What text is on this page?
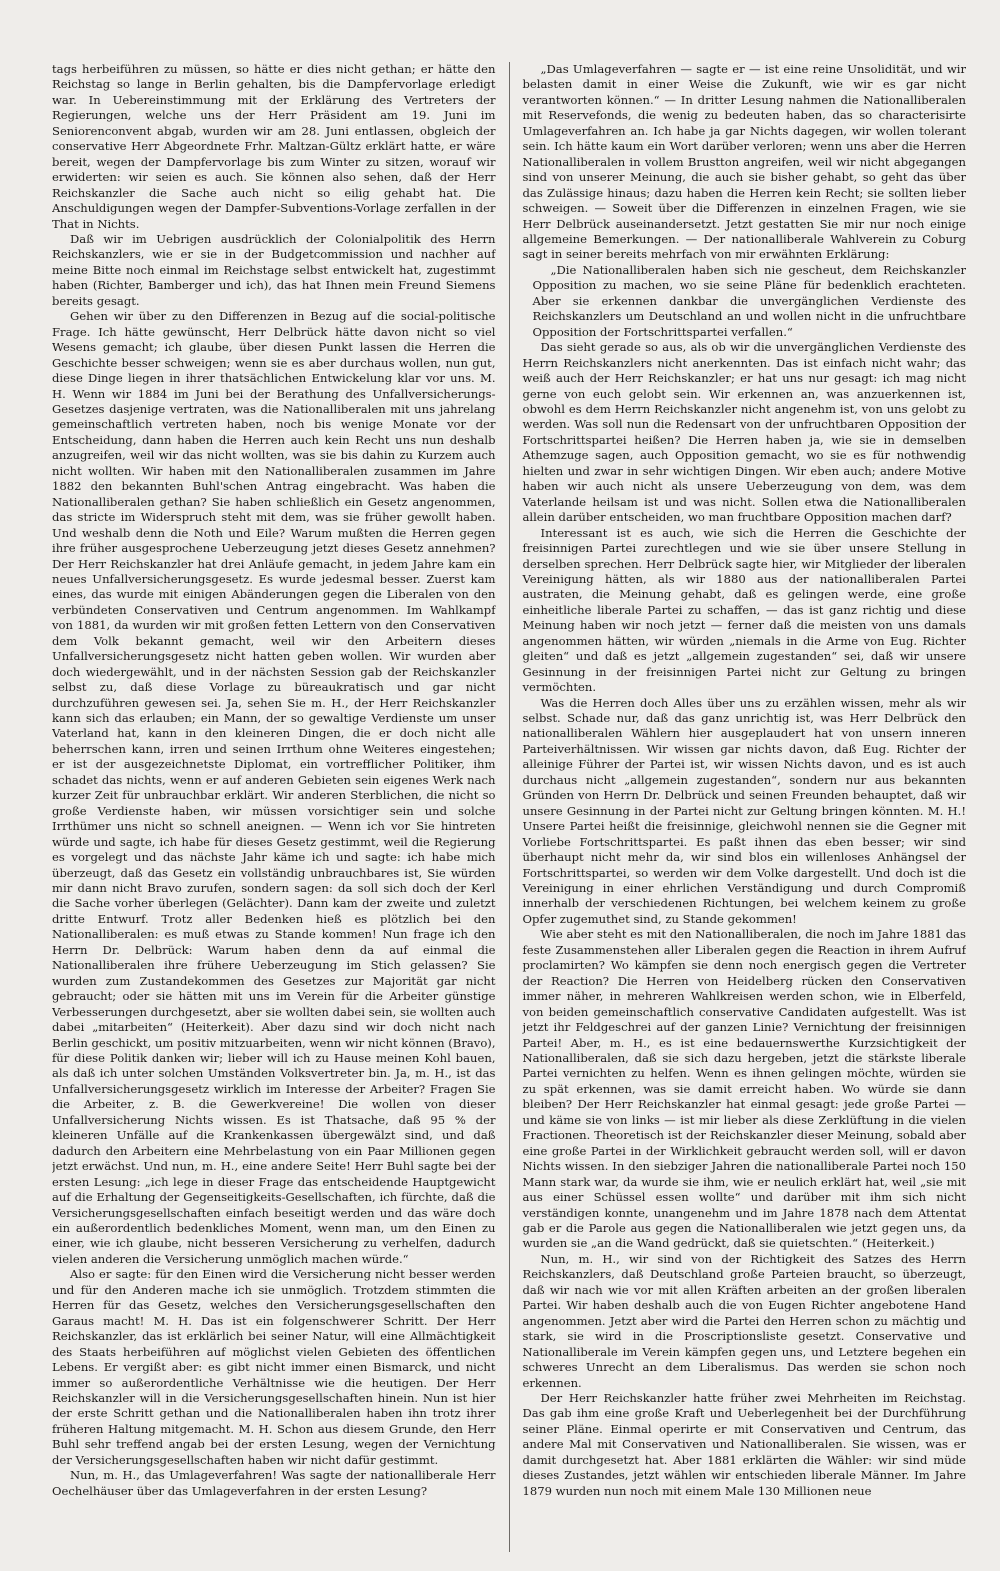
tags herbeiführen zu müssen, so hätte er dies nicht gethan; er hätte den Reichstag so lange in Berlin gehalten, bis die Dampfervorlage erledigt war. In Uebereinstimmung mit der Erklärung des Vertreters der Regierungen, welche uns der Herr Präsident am 19. Juni im Seniorenconvent abgab, wurden wir am 28. Juni entlassen, obgleich der conservative Herr Abgeordnete Frhr. Maltzan-Gültz erklärt hatte, er wäre bereit, wegen der Dampfervorlage bis zum Winter zu sitzen, worauf wir erwiderten: wir seien es auch. Sie können also sehen, daß der Herr Reichskanzler die Sache auch nicht so eilig gehabt hat. Die Anschuldigungen wegen der Dampfer-Subventions-Vorlage zerfallen in der That in Nichts.

Daß wir im Uebrigen ausdrücklich der Colonialpolitik des Herrn Reichskanzlers, wie er sie in der Budgetcommission und nachher auf meine Bitte noch einmal im Reichstage selbst entwickelt hat, zugestimmt haben (Richter, Bamberger und ich), das hat Ihnen mein Freund Siemens bereits gesagt.

Gehen wir über zu den Differenzen in Bezug auf die social-politische Frage. Ich hätte gewünscht, Herr Delbrück hätte davon nicht so viel Wesens gemacht; ich glaube, über diesen Punkt lassen die Herren die Geschichte besser schweigen; wenn sie es aber durchaus wollen, nun gut, diese Dinge liegen in ihrer thatsächlichen Entwickelung klar vor uns. M. H. Wenn wir 1884 im Juni bei der Berathung des Unfallversicherungs-Gesetzes dasjenige vertraten, was die Nationalliberalen mit uns jahrelang gemeinschaftlich vertreten haben, noch bis wenige Monate vor der Entscheidung, dann haben die Herren auch kein Recht uns nun deshalb anzugreifen, weil wir das nicht wollten, was sie bis dahin zu Kurzem auch nicht wollten. Wir haben mit den Nationalliberalen zusammen im Jahre 1882 den bekannten Buhl'schen Antrag eingebracht. Was haben die Nationalliberalen gethan? Sie haben schließlich ein Gesetz angenommen, das stricte im Widerspruch steht mit dem, was sie früher gewollt haben. Und weshalb denn die Noth und Eile? Warum mußten die Herren gegen ihre früher ausgesprochene Ueberzeugung jetzt dieses Gesetz annehmen? Der Herr Reichskanzler hat drei Anläufe gemacht, in jedem Jahre kam ein neues Unfallversicherungsgesetz. Es wurde jedesmal besser. Zuerst kam eines, das wurde mit einigen Abänderungen gegen die Liberalen von den verbündeten Conservativen und Centrum angenommen. Im Wahlkampf von 1881, da wurden wir mit großen fetten Lettern von den Conservativen dem Volk bekannt gemacht, weil wir den Arbeitern dieses Unfallversicherungsgesetz nicht hatten geben wollen. Wir wurden aber doch wiedergewählt, und in der nächsten Session gab der Reichskanzler selbst zu, daß diese Vorlage zu büreaukratisch und gar nicht durchzuführen gewesen sei. Ja, sehen Sie m. H., der Herr Reichskanzler kann sich das erlauben; ein Mann, der so gewaltige Verdienste um unser Vaterland hat, kann in den kleineren Dingen, die er doch nicht alle beherrschen kann, irren und seinen Irrthum ohne Weiteres eingestehen; er ist der ausgezeichnetste Diplomat, ein vortrefflicher Politiker, ihm schadet das nichts, wenn er auf anderen Gebieten sein eigenes Werk nach kurzer Zeit für unbrauchbar erklärt. Wir anderen Sterblichen, die nicht so große Verdienste haben, wir müssen vorsichtiger sein und solche Irrthümer uns nicht so schnell aneignen. — Wenn ich vor Sie hintreten würde und sagte, ich habe für dieses Gesetz gestimmt, weil die Regierung es vorgelegt und das nächste Jahr käme ich und sagte: ich habe mich überzeugt, daß das Gesetz ein vollständig unbrauchbares ist, Sie würden mir dann nicht Bravo zurufen, sondern sagen: da soll sich doch der Kerl die Sache vorher überlegen (Gelächter). Dann kam der zweite und zuletzt dritte Entwurf. Trotz aller Bedenken hieß es plötzlich bei den Nationalliberalen: es muß etwas zu Stande kommen! Nun frage ich den Herrn Dr. Delbrück: Warum haben denn da auf einmal die Nationalliberalen ihre frühere Ueberzeugung im Stich gelassen? Sie wurden zum Zustandekommen des Gesetzes zur Majorität gar nicht gebraucht; oder sie hätten mit uns im Verein für die Arbeiter günstige Verbesserungen durchgesetzt, aber sie wollten dabei sein, sie wollten auch dabei „mitarbeiten“ (Heiterkeit). Aber dazu sind wir doch nicht nach Berlin geschickt, um positiv mitzuarbeiten, wenn wir nicht können (Bravo), für diese Politik danken wir; lieber will ich zu Hause meinen Kohl bauen, als daß ich unter solchen Umständen Volksvertreter bin. Ja, m. H., ist das Unfallversicherungsgesetz wirklich im Interesse der Arbeiter? Fragen Sie die Arbeiter, z. B. die Gewerkvereine! Die wollen von dieser Unfallversicherung Nichts wissen. Es ist Thatsache, daß 95 % der kleineren Unfälle auf die Krankenkassen übergewälzt sind, und daß dadurch den Arbeitern eine Mehrbelastung von ein Paar Millionen gegen jetzt erwächst. Und nun, m. H., eine andere Seite! Herr Buhl sagte bei der ersten Lesung: „ich lege in dieser Frage das entscheidende Hauptgewicht auf die Erhaltung der Gegenseitigkeits-Gesellschaften, ich fürchte, daß die Versicherungsgesellschaften einfach beseitigt werden und das wäre doch ein außerordentlich bedenkliches Moment, wenn man, um den Einen zu einer, wie ich glaube, nicht besseren Versicherung zu verhelfen, dadurch vielen anderen die Versicherung unmöglich machen würde.“

Also er sagte: für den Einen wird die Versicherung nicht besser werden und für den Anderen mache ich sie unmöglich. Trotzdem stimmten die Herren für das Gesetz, welches den Versicherungsgesellschaften den Garaus macht! M. H. Das ist ein folgenschwerer Schritt. Der Herr Reichskanzler, das ist erklärlich bei seiner Natur, will eine Allmächtigkeit des Staats herbeiführen auf möglichst vielen Gebieten des öffentlichen Lebens. Er vergißt aber: es gibt nicht immer einen Bismarck, und nicht immer so außerordentliche Verhältnisse wie die heutigen. Der Herr Reichskanzler will in die Versicherungsgesellschaften hinein. Nun ist hier der erste Schritt gethan und die Nationalliberalen haben ihn trotz ihrer früheren Haltung mitgemacht. M. H. Schon aus diesem Grunde, den Herr Buhl sehr treffend angab bei der ersten Lesung, wegen der Vernichtung der Versicherungsgesellschaften haben wir nicht dafür gestimmt.

Nun, m. H., das Umlageverfahren! Was sagte der nationalliberale Herr Oechelhäuser über das Umlageverfahren in der ersten Lesung?

„Das Umlageverfahren — sagte er — ist eine reine Unsolidität, und wir belasten damit in einer Weise die Zukunft, wie wir es gar nicht verantworten können.“ — In dritter Lesung nahmen die Nationalliberalen mit Reservefonds, die wenig zu bedeuten haben, das so characterisirte Umlageverfahren an. Ich habe ja gar Nichts dagegen, wir wollen tolerant sein. Ich hätte kaum ein Wort darüber verloren; wenn uns aber die Herren Nationalliberalen in vollem Brustton angreifen, weil wir nicht abgegangen sind von unserer Meinung, die auch sie bisher gehabt, so geht das über das Zulässige hinaus; dazu haben die Herren kein Recht; sie sollten lieber schweigen. — Soweit über die Differenzen in einzelnen Fragen, wie sie Herr Delbrück auseinandersetzt. Jetzt gestatten Sie mir nur noch einige allgemeine Bemerkungen. — Der nationalliberale Wahlverein zu Coburg sagt in seiner bereits mehrfach von mir erwähnten Erklärung:

„Die Nationalliberalen haben sich nie gescheut, dem Reichskanzler Opposition zu machen, wo sie seine Pläne für bedenklich erachteten. Aber sie erkennen dankbar die unvergänglichen Verdienste des Reichskanzlers um Deutschland an und wollen nicht in die unfruchtbare Opposition der Fortschrittspartei verfallen.“

Das sieht gerade so aus, als ob wir die unvergänglichen Verdienste des Herrn Reichskanzlers nicht anerkennten. Das ist einfach nicht wahr; das weiß auch der Herr Reichskanzler; er hat uns nur gesagt: ich mag nicht gerne von euch gelobt sein. Wir erkennen an, was anzuerkennen ist, obwohl es dem Herrn Reichskanzler nicht angenehm ist, von uns gelobt zu werden. Was soll nun die Redensart von der unfruchtbaren Opposition der Fortschrittspartei heißen? Die Herren haben ja, wie sie in demselben Athemzuge sagen, auch Opposition gemacht, wo sie es für nothwendig hielten und zwar in sehr wichtigen Dingen. Wir eben auch; andere Motive haben wir auch nicht als unsere Ueberzeugung von dem, was dem Vaterlande heilsam ist und was nicht. Sollen etwa die Nationalliberalen allein darüber entscheiden, wo man fruchtbare Opposition machen darf?

Interessant ist es auch, wie sich die Herren die Geschichte der freisinnigen Partei zurechtlegen und wie sie über unsere Stellung in derselben sprechen. Herr Delbrück sagte hier, wir Mitglieder der liberalen Vereinigung hätten, als wir 1880 aus der nationalliberalen Partei austraten, die Meinung gehabt, daß es gelingen werde, eine große einheitliche liberale Partei zu schaffen, — das ist ganz richtig und diese Meinung haben wir noch jetzt — ferner daß die meisten von uns damals angenommen hätten, wir würden „niemals in die Arme von Eug. Richter gleiten“ und daß es jetzt „allgemein zugestanden“ sei, daß wir unsere Gesinnung in der freisinnigen Partei nicht zur Geltung zu bringen vermöchten.

Was die Herren doch Alles über uns zu erzählen wissen, mehr als wir selbst. Schade nur, daß das ganz unrichtig ist, was Herr Delbrück den nationalliberalen Wählern hier ausgeplaudert hat von unsern inneren Parteiverhältnissen. Wir wissen gar nichts davon, daß Eug. Richter der alleinige Führer der Partei ist, wir wissen Nichts davon, und es ist auch durchaus nicht „allgemein zugestanden“, sondern nur aus bekannten Gründen von Herrn Dr. Delbrück und seinen Freunden behauptet, daß wir unsere Gesinnung in der Partei nicht zur Geltung bringen könnten. M. H.! Unsere Partei heißt die freisinnige, gleichwohl nennen sie die Gegner mit Vorliebe Fortschrittspartei. Es paßt ihnen das eben besser; wir sind überhaupt nicht mehr da, wir sind blos ein willenloses Anhängsel der Fortschrittspartei, so werden wir dem Volke dargestellt. Und doch ist die Vereinigung in einer ehrlichen Verständigung und durch Compromiß innerhalb der verschiedenen Richtungen, bei welchem keinem zu große Opfer zugemuthet sind, zu Stande gekommen!

Wie aber steht es mit den Nationalliberalen, die noch im Jahre 1881 das feste Zusammenstehen aller Liberalen gegen die Reaction in ihrem Aufruf proclamirten? Wo kämpfen sie denn noch energisch gegen die Vertreter der Reaction? Die Herren von Heidelberg rücken den Conservativen immer näher, in mehreren Wahlkreisen werden schon, wie in Elberfeld, von beiden gemeinschaftlich conservative Candidaten aufgestellt. Was ist jetzt ihr Feldgeschrei auf der ganzen Linie? Vernichtung der freisinnigen Partei! Aber, m. H., es ist eine bedauernswerthe Kurzsichtigkeit der Nationalliberalen, daß sie sich dazu hergeben, jetzt die stärkste liberale Partei vernichten zu helfen. Wenn es ihnen gelingen möchte, würden sie zu spät erkennen, was sie damit erreicht haben. Wo würde sie dann bleiben? Der Herr Reichskanzler hat einmal gesagt: jede große Partei — und käme sie von links — ist mir lieber als diese Zerklüftung in die vielen Fractionen. Theoretisch ist der Reichskanzler dieser Meinung, sobald aber eine große Partei in der Wirklichkeit gebraucht werden soll, will er davon Nichts wissen. In den siebziger Jahren die nationalliberale Partei noch 150 Mann stark war, da wurde sie ihm, wie er neulich erklärt hat, weil „sie mit aus einer Schüssel essen wollte“ und darüber mit ihm sich nicht verständigen konnte, unangenehm und im Jahre 1878 nach dem Attentat gab er die Parole aus gegen die Nationalliberalen wie jetzt gegen uns, da wurden sie „an die Wand gedrückt, daß sie quietschten.“ (Heiterkeit.)

Nun, m. H., wir sind von der Richtigkeit des Satzes des Herrn Reichskanzlers, daß Deutschland große Parteien braucht, so überzeugt, daß wir nach wie vor mit allen Kräften arbeiten an der großen liberalen Partei. Wir haben deshalb auch die von Eugen Richter angebotene Hand angenommen. Jetzt aber wird die Partei den Herren schon zu mächtig und stark, sie wird in die Proscriptionsliste gesetzt. Conservative und Nationalliberale im Verein kämpfen gegen uns, und Letztere begehen ein schweres Unrecht an dem Liberalismus. Das werden sie schon noch erkennen.

Der Herr Reichskanzler hatte früher zwei Mehrheiten im Reichstag. Das gab ihm eine große Kraft und Ueberlegenheit bei der Durchführung seiner Pläne. Einmal operirte er mit Conservativen und Centrum, das andere Mal mit Conservativen und Nationalliberalen. Sie wissen, was er damit durchgesetzt hat. Aber 1881 erklärten die Wähler: wir sind müde dieses Zustandes, jetzt wählen wir entschieden liberale Männer. Im Jahre 1879 wurden nun noch mit einem Male 130 Millionen neue
